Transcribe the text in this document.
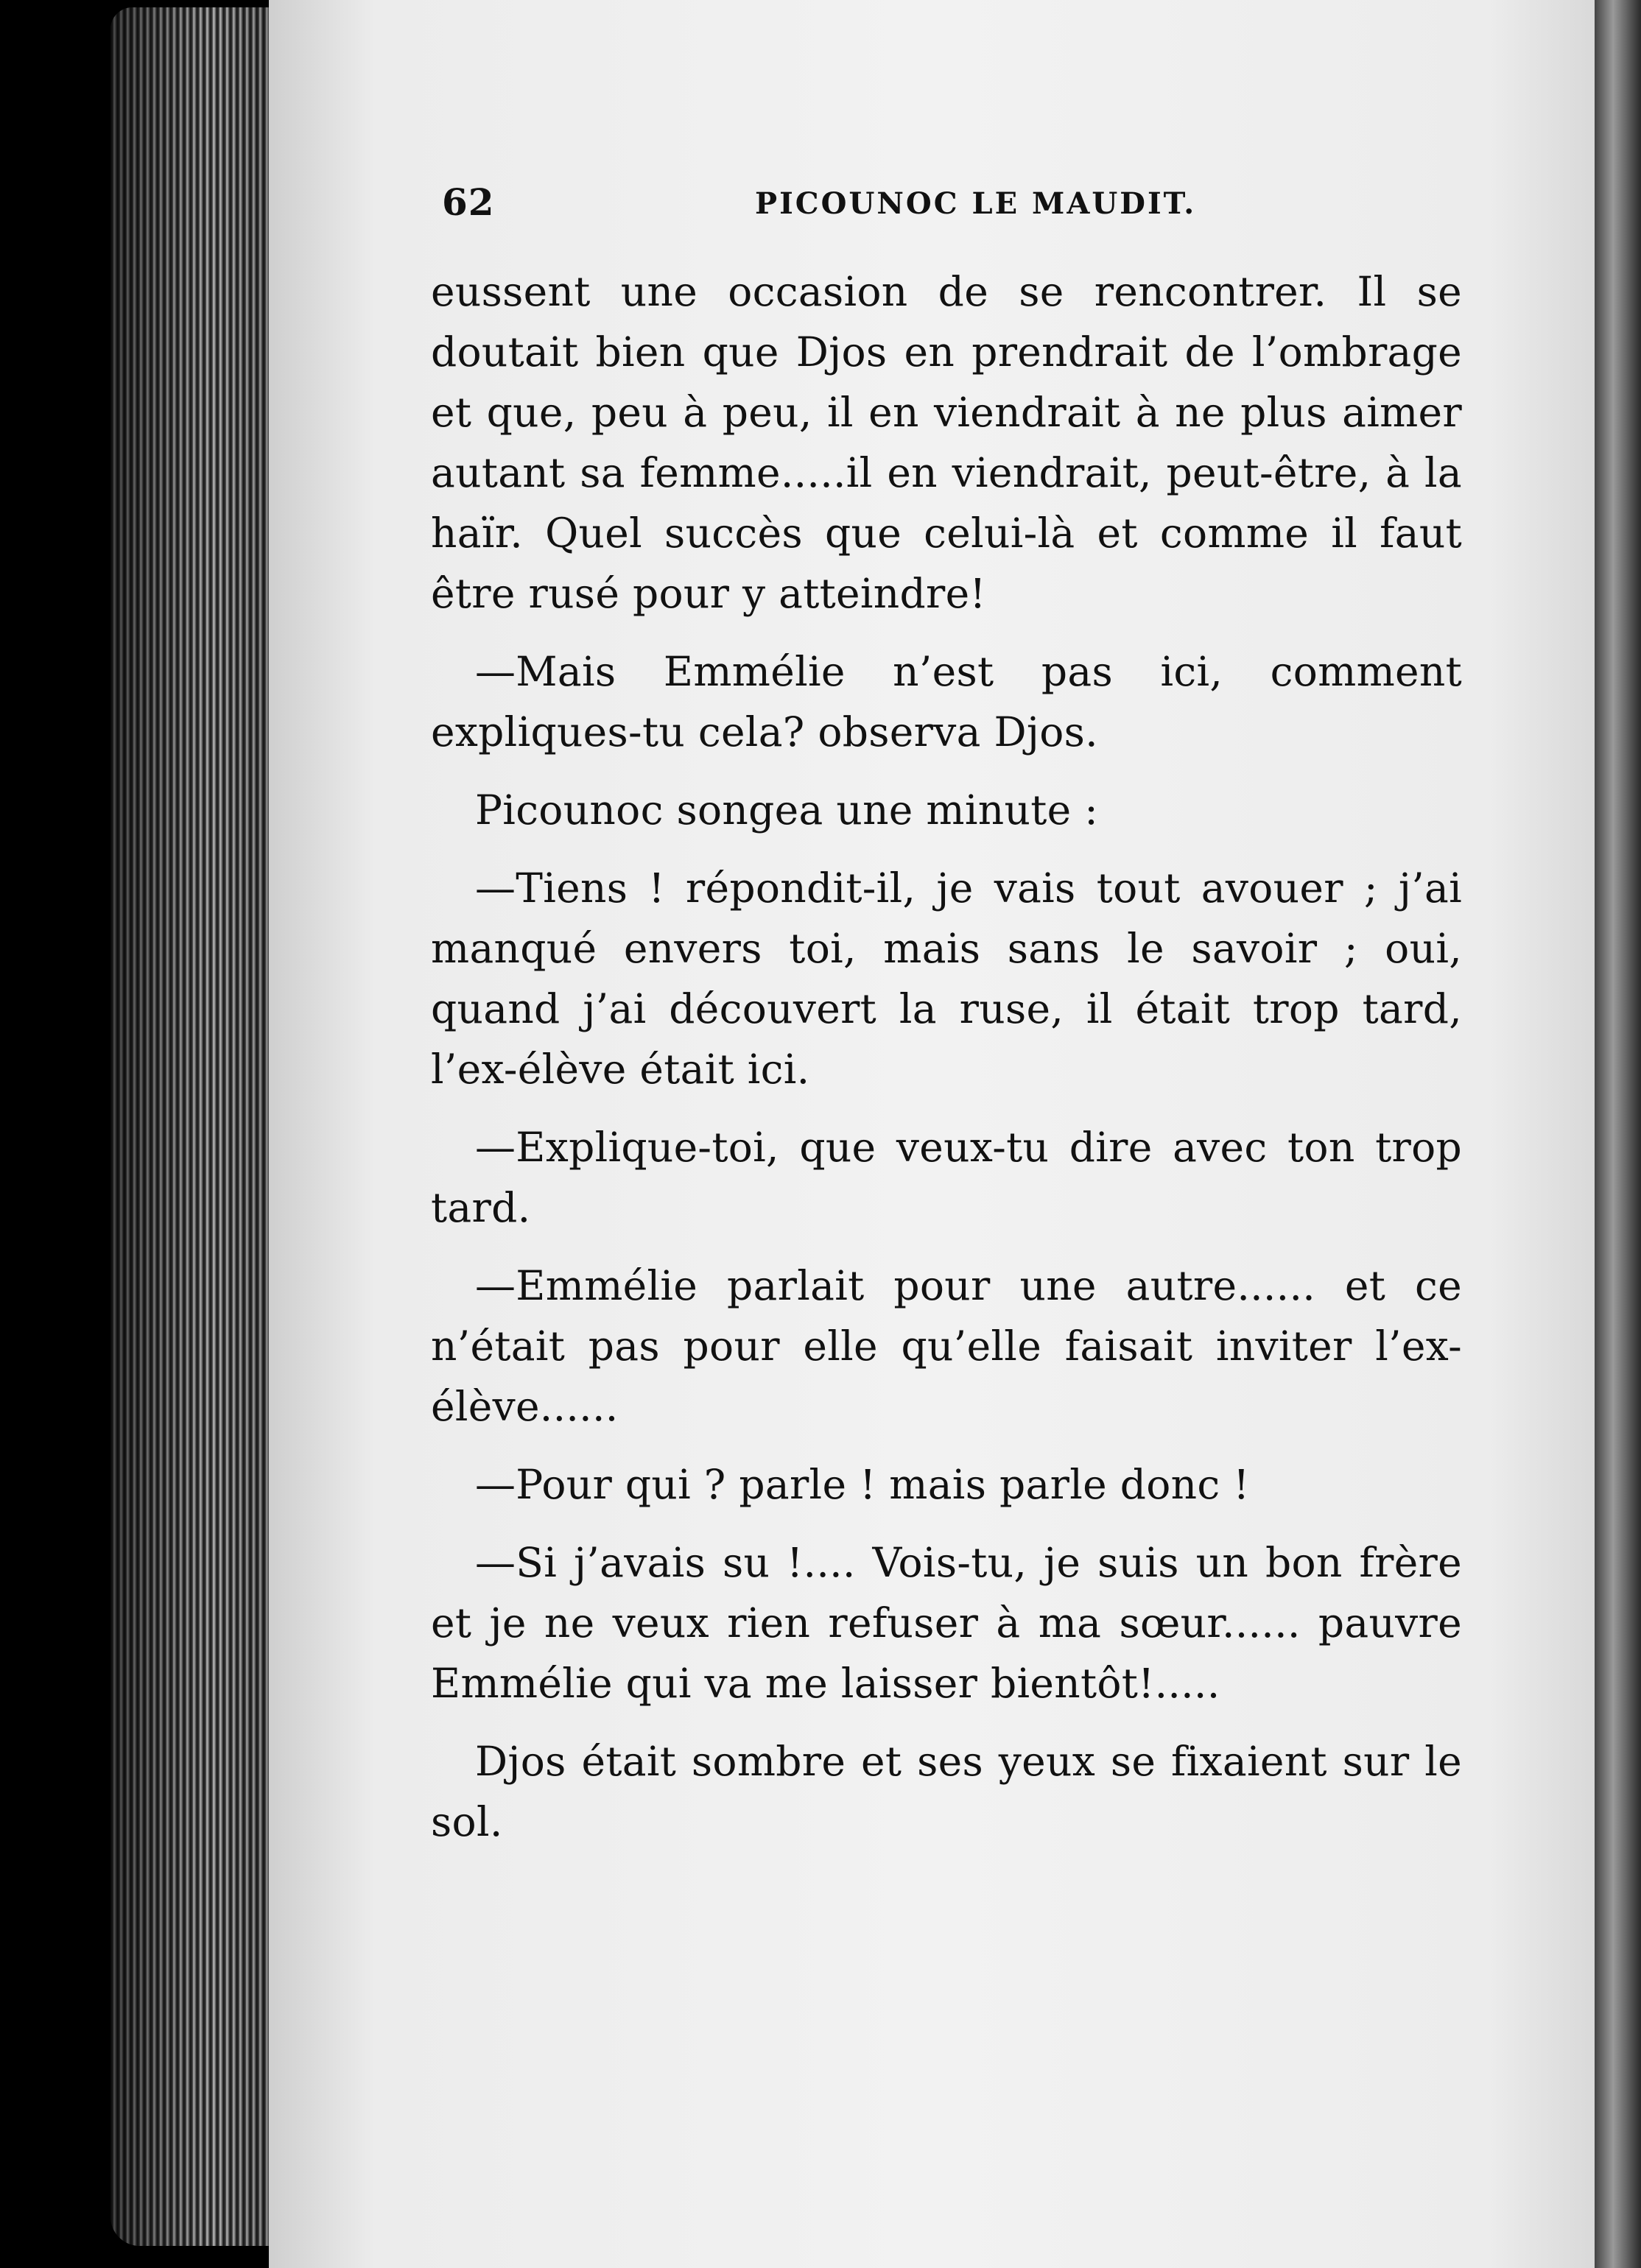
62	PICOUNOC LE MAUDIT.

eussent une occasion de se rencontrer. Il se doutait bien que Djos en prendrait de l’ombrage et que, peu à peu, il en viendrait à ne plus aimer autant sa femme.....il en viendrait, peut-être, à la haïr. Quel succès que celui-là et comme il faut être rusé pour y atteindre!

—Mais Emmélie n’est pas ici, comment expliques-tu cela? observa Djos.

Picounoc songea une minute :

—Tiens ! répondit-il, je vais tout avouer ; j’ai manqué envers toi, mais sans le savoir ; oui, quand j’ai découvert la ruse, il était trop tard, l’ex-élève était ici.

—Explique-toi, que veux-tu dire avec ton trop tard.

—Emmélie parlait pour une autre...... et ce n’était pas pour elle qu’elle faisait inviter l’ex-élève......

—Pour qui ? parle ! mais parle donc !

—Si j’avais su !.... Vois-tu, je suis un bon frère et je ne veux rien refuser à ma sœur...... pauvre Emmélie qui va me laisser bientôt!.....

Djos était sombre et ses yeux se fixaient sur le sol.
